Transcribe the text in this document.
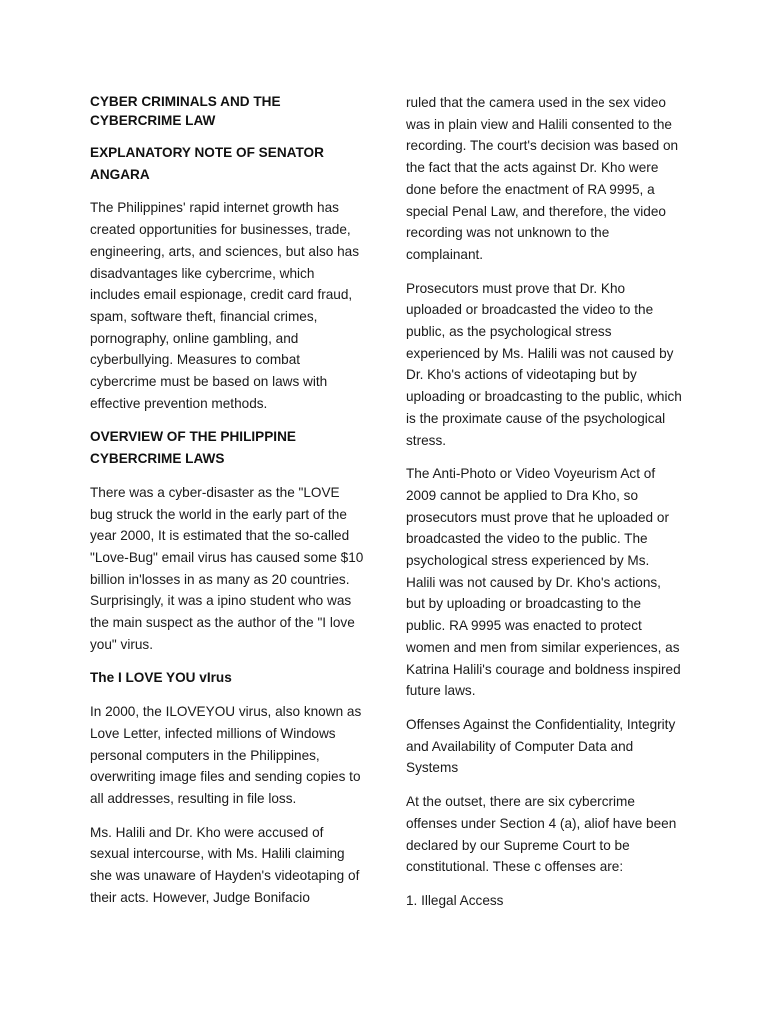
CYBER CRIMINALS AND THE CYBERCRIME LAW
EXPLANATORY NOTE OF SENATOR ANGARA

The Philippines' rapid internet growth has created opportunities for businesses, trade, engineering, arts, and sciences, but also has disadvantages like cybercrime, which includes email espionage, credit card fraud, spam, software theft, financial crimes, pornography, online gambling, and cyberbullying. Measures to combat cybercrime must be based on laws with effective prevention methods.

OVERVIEW OF THE PHILIPPINE CYBERCRIME LAWS

There was a cyber-disaster as the "LOVE bug struck the world in the early part of the year 2000, It is estimated that the so-called "Love-Bug" email virus has caused some $10 billion in'losses in as many as 20 countries. Surprisingly, it was a ipino student who was the main suspect as the author of the "I love you" virus.

The I LOVE YOU vIrus

In 2000, the ILOVEYOU virus, also known as Love Letter, infected millions of Windows personal computers in the Philippines, overwriting image files and sending copies to all addresses, resulting in file loss.

Ms. Halili and Dr. Kho were accused of sexual intercourse, with Ms. Halili claiming she was unaware of Hayden's videotaping of their acts. However, Judge Bonifacio

ruled that the camera used in the sex video was in plain view and Halili consented to the recording. The court's decision was based on the fact that the acts against Dr. Kho were done before the enactment of RA 9995, a special Penal Law, and therefore, the video recording was not unknown to the complainant.

Prosecutors must prove that Dr. Kho uploaded or broadcasted the video to the public, as the psychological stress experienced by Ms. Halili was not caused by Dr. Kho's actions of videotaping but by uploading or broadcasting to the public, which is the proximate cause of the psychological stress.

The Anti-Photo or Video Voyeurism Act of 2009 cannot be applied to Dra Kho, so prosecutors must prove that he uploaded or broadcasted the video to the public. The psychological stress experienced by Ms. Halili was not caused by Dr. Kho's actions, but by uploading or broadcasting to the public. RA 9995 was enacted to protect women and men from similar experiences, as Katrina Halili's courage and boldness inspired future laws.

Offenses Against the Confidentiality, Integrity and Availability of Computer Data and Systems

At the outset, there are six cybercrime offenses under Section 4 (a), aliof have been declared by our Supreme Court to be constitutional. These c offenses are:

1. Illegal Access
